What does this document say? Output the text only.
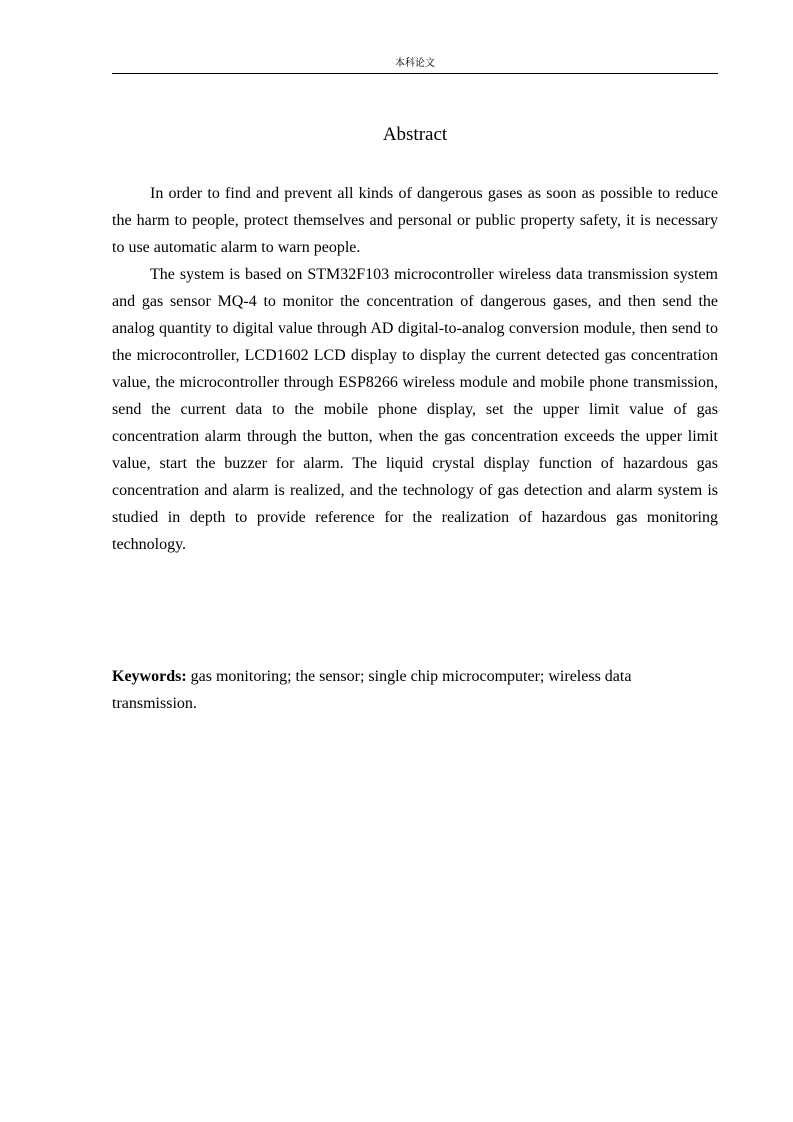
本科论文
Abstract

In order to find and prevent all kinds of dangerous gases as soon as possible to reduce the harm to people, protect themselves and personal or public property safety, it is necessary to use automatic alarm to warn people.

The system is based on STM32F103 microcontroller wireless data transmission system and gas sensor MQ-4 to monitor the concentration of dangerous gases, and then send the analog quantity to digital value through AD digital-to-analog conversion module, then send to the microcontroller, LCD1602 LCD display to display the current detected gas concentration value, the microcontroller through ESP8266 wireless module and mobile phone transmission, send the current data to the mobile phone display, set the upper limit value of gas concentration alarm through the button, when the gas concentration exceeds the upper limit value, start the buzzer for alarm. The liquid crystal display function of hazardous gas concentration and alarm is realized, and the technology of gas detection and alarm system is studied in depth to provide reference for the realization of hazardous gas monitoring technology.

Keywords: gas monitoring; the sensor; single chip microcomputer; wireless data transmission.
